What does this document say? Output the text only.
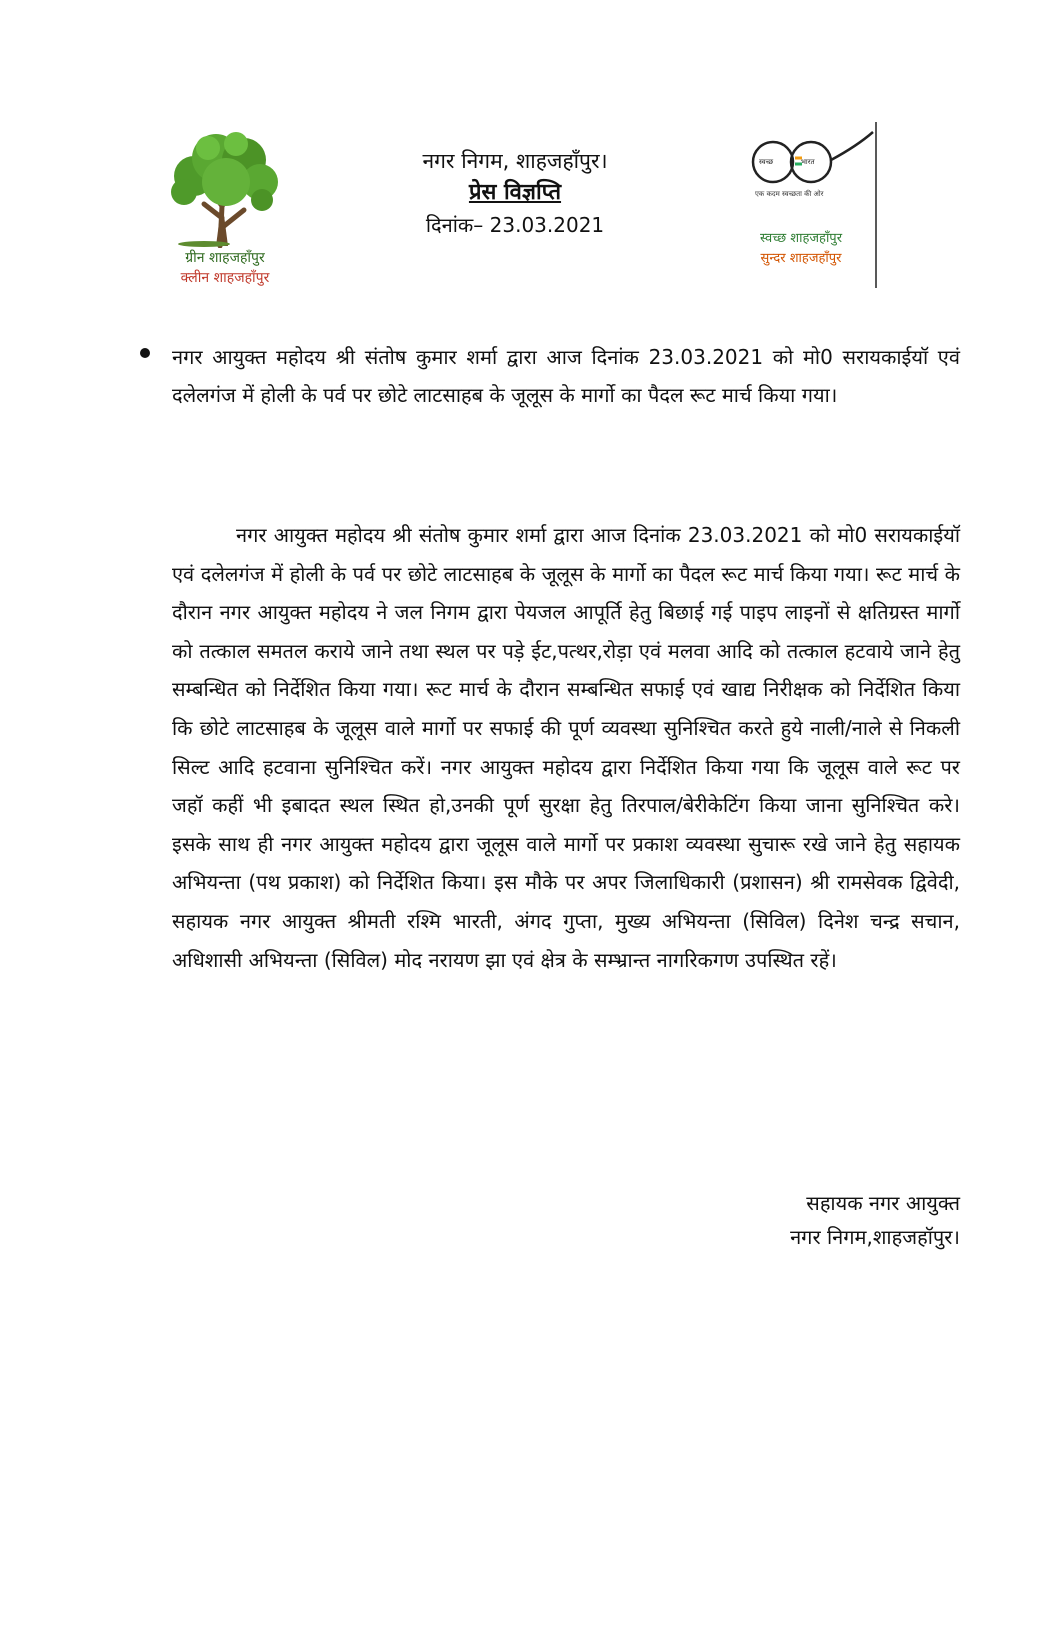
ग्रीन शाहजहाँपुर
क्लीन शाहजहाँपुर
नगर निगम, शाहजहाँपुर।
प्रेस विज्ञप्ति
दिनांक– 23.03.2021
स्वच्छ	भारत
एक कदम स्वच्छता की ओर
स्वच्छ शाहजहाँपुर
सुन्दर शाहजहाँपुर
नगर आयुक्त महोदय श्री संतोष कुमार शर्मा द्वारा आज दिनांक 23.03.2021 को मो0 सरायकाईयॉ एवं दलेलगंज में होली के पर्व पर छोटे लाटसाहब के जूलूस के मार्गो का पैदल रूट मार्च किया गया।
नगर आयुक्त महोदय श्री संतोष कुमार शर्मा द्वारा आज दिनांक 23.03.2021 को मो0 सरायकाईयॉ एवं दलेलगंज में होली के पर्व पर छोटे लाटसाहब के जूलूस के मार्गो का पैदल रूट मार्च किया गया। रूट मार्च के दौरान नगर आयुक्त महोदय ने जल निगम द्वारा पेयजल आपूर्ति हेतु बिछाई गई पाइप लाइनों से क्षतिग्रस्त मार्गो को तत्काल समतल कराये जाने तथा स्थल पर पड़े ईट,पत्थर,रोड़ा एवं मलवा आदि को तत्काल हटवाये जाने हेतु सम्बन्धित को निर्देशित किया गया। रूट मार्च के दौरान सम्बन्धित सफाई एवं खाद्य निरीक्षक को निर्देशित किया कि छोटे लाटसाहब के जूलूस वाले मार्गो पर सफाई की पूर्ण व्यवस्था सुनिश्चित करते हुये नाली/नाले से निकली सिल्ट आदि हटवाना सुनिश्चित करें। नगर आयुक्त महोदय द्वारा निर्देशित किया गया कि जूलूस वाले रूट पर जहॉ कहीं भी इबादत स्थल स्थित हो,उनकी पूर्ण सुरक्षा हेतु तिरपाल/बेरीकेटिंग किया जाना सुनिश्चित करे। इसके साथ ही नगर आयुक्त महोदय द्वारा जूलूस वाले मार्गो पर प्रकाश व्यवस्था सुचारू रखे जाने हेतु सहायक अभियन्ता (पथ प्रकाश) को निर्देशित किया। इस मौके पर अपर जिलाधिकारी (प्रशासन) श्री रामसेवक द्विवेदी, सहायक नगर आयुक्त श्रीमती रश्मि भारती, अंगद गुप्ता, मुख्य अभियन्ता (सिविल) दिनेश चन्द्र सचान, अधिशासी अभियन्ता (सिविल) मोद नरायण झा एवं क्षेत्र के सम्भ्रान्त नागरिकगण उपस्थित रहें।
सहायक नगर आयुक्त
नगर निगम,शाहजहॉपुर।
